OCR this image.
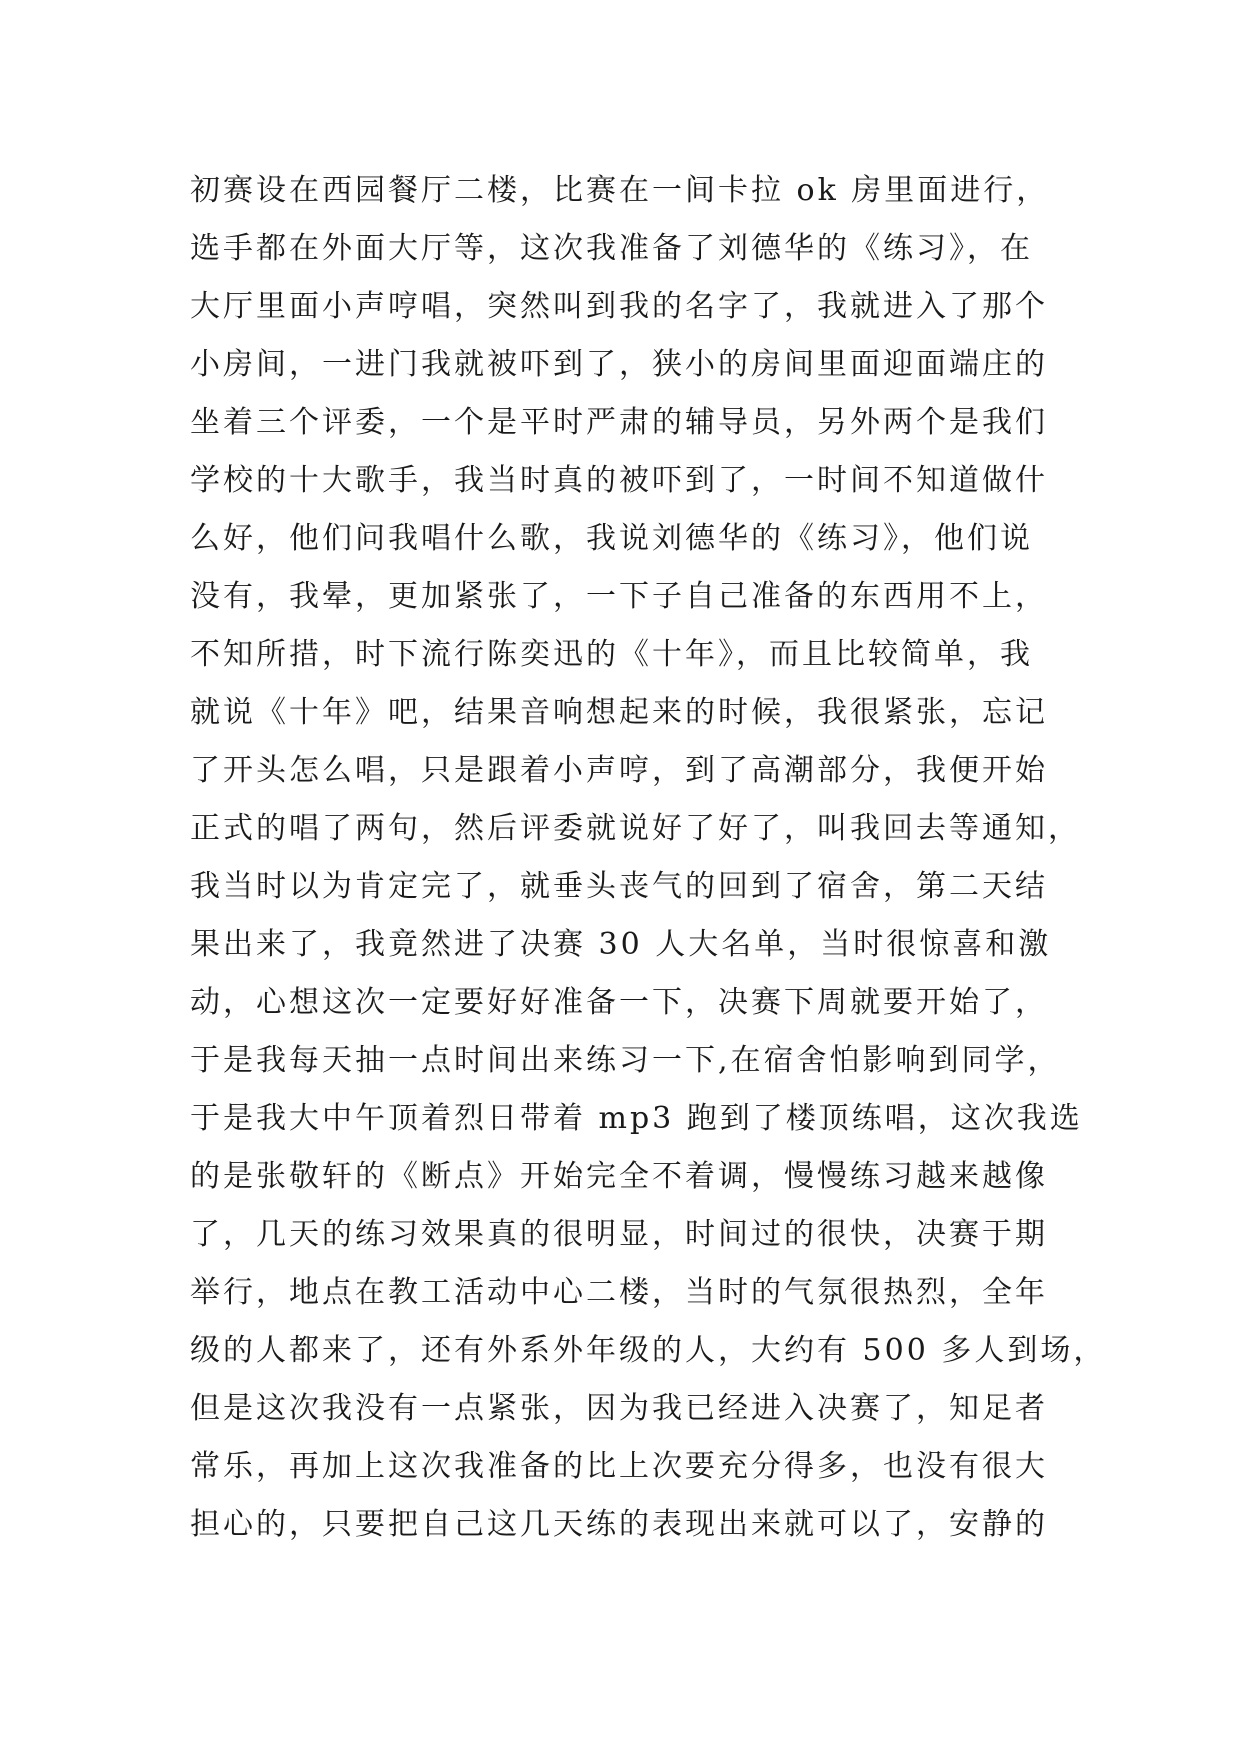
初赛设在西园餐厅二楼，比赛在一间卡拉 ok 房里面进行，
选手都在外面大厅等，这次我准备了刘德华的《练习》，在
大厅里面小声哼唱，突然叫到我的名字了，我就进入了那个
小房间，一进门我就被吓到了，狭小的房间里面迎面端庄的
坐着三个评委，一个是平时严肃的辅导员，另外两个是我们
学校的十大歌手，我当时真的被吓到了，一时间不知道做什
么好，他们问我唱什么歌，我说刘德华的《练习》，他们说
没有，我晕，更加紧张了，一下子自己准备的东西用不上，
不知所措，时下流行陈奕迅的《十年》，而且比较简单，我
就说《十年》吧，结果音响想起来的时候，我很紧张，忘记
了开头怎么唱，只是跟着小声哼，到了高潮部分，我便开始
正式的唱了两句，然后评委就说好了好了，叫我回去等通知，
我当时以为肯定完了，就垂头丧气的回到了宿舍，第二天结
果出来了，我竟然进了决赛 30 人大名单，当时很惊喜和激
动，心想这次一定要好好准备一下，决赛下周就要开始了，
于是我每天抽一点时间出来练习一下,在宿舍怕影响到同学，
于是我大中午顶着烈日带着 mp3 跑到了楼顶练唱，这次我选
的是张敬轩的《断点》开始完全不着调，慢慢练习越来越像
了，几天的练习效果真的很明显，时间过的很快，决赛于期
举行，地点在教工活动中心二楼，当时的气氛很热烈，全年
级的人都来了，还有外系外年级的人，大约有 500 多人到场，
但是这次我没有一点紧张，因为我已经进入决赛了，知足者
常乐，再加上这次我准备的比上次要充分得多，也没有很大
担心的，只要把自己这几天练的表现出来就可以了，安静的
